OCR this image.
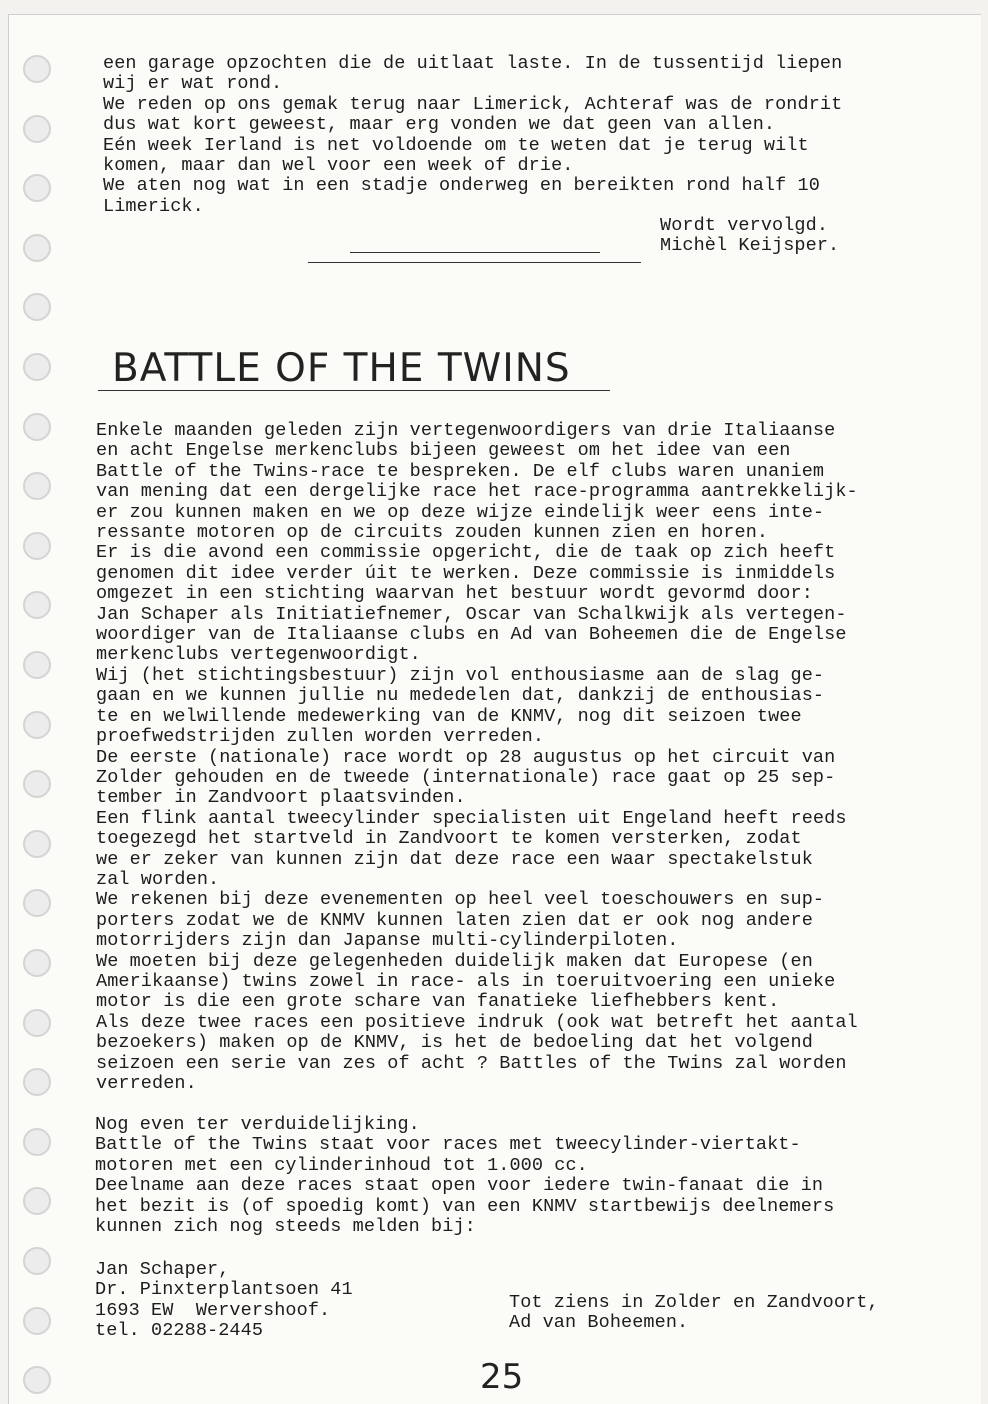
een garage opzochten die de uitlaat laste. In de tussentijd liepen
wij er wat rond.
We reden op ons gemak terug naar Limerick, Achteraf was de rondrit
dus wat kort geweest, maar erg vonden we dat geen van allen.
Eén week Ierland is net voldoende om te weten dat je terug wilt
komen, maar dan wel voor een week of drie.
We aten nog wat in een stadje onderweg en bereikten rond half 10
Limerick.
Wordt vervolgd.
Michèl Keijsper.
BATTLE OF THE TWINS
Enkele maanden geleden zijn vertegenwoordigers van drie Italiaanse
en acht Engelse merkenclubs bijeen geweest om het idee van een
Battle of the Twins-race te bespreken. De elf clubs waren unaniem
van mening dat een dergelijke race het race-programma aantrekkelijk-
er zou kunnen maken en we op deze wijze eindelijk weer eens inte-
ressante motoren op de circuits zouden kunnen zien en horen.
Er is die avond een commissie opgericht, die de taak op zich heeft
genomen dit idee verder úit te werken. Deze commissie is inmiddels
omgezet in een stichting waarvan het bestuur wordt gevormd door:
Jan Schaper als Initiatiefnemer, Oscar van Schalkwijk als vertegen-
woordiger van de Italiaanse clubs en Ad van Boheemen die de Engelse
merkenclubs vertegenwoordigt.
Wij (het stichtingsbestuur) zijn vol enthousiasme aan de slag ge-
gaan en we kunnen jullie nu mededelen dat, dankzij de enthousias-
te en welwillende medewerking van de KNMV, nog dit seizoen twee
proefwedstrijden zullen worden verreden.
De eerste (nationale) race wordt op 28 augustus op het circuit van
Zolder gehouden en de tweede (internationale) race gaat op 25 sep-
tember in Zandvoort plaatsvinden.
Een flink aantal tweecylinder specialisten uit Engeland heeft reeds
toegezegd het startveld in Zandvoort te komen versterken, zodat
we er zeker van kunnen zijn dat deze race een waar spectakelstuk
zal worden.
We rekenen bij deze evenementen op heel veel toeschouwers en sup-
porters zodat we de KNMV kunnen laten zien dat er ook nog andere
motorrijders zijn dan Japanse multi-cylinderpiloten.
We moeten bij deze gelegenheden duidelijk maken dat Europese (en
Amerikaanse) twins zowel in race- als in toeruitvoering een unieke
motor is die een grote schare van fanatieke liefhebbers kent.
Als deze twee races een positieve indruk (ook wat betreft het aantal
bezoekers) maken op de KNMV, is het de bedoeling dat het volgend
seizoen een serie van zes of acht ? Battles of the Twins zal worden
verreden.
Nog even ter verduidelijking.
Battle of the Twins staat voor races met tweecylinder-viertakt-
motoren met een cylinderinhoud tot 1.000 cc.
Deelname aan deze races staat open voor iedere twin-fanaat die in
het bezit is (of spoedig komt) van een KNMV startbewijs deelnemers
kunnen zich nog steeds melden bij:
Jan Schaper,
Dr. Pinxterplantsoen 41
1693 EW  Wervershoof.
tel. 02288-2445
Tot ziens in Zolder en Zandvoort,
Ad van Boheemen.
25
